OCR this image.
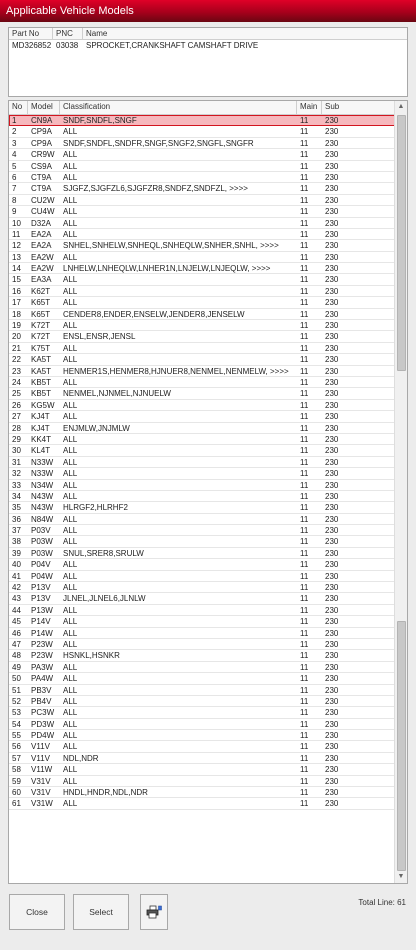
Applicable Vehicle Models
Part No	PNC	Name
MD326852 03038 SPROCKET,CRANKSHAFT CAMSHAFT DRIVE
No	Model	Classification	Main Sub
1	CN9A	SNDF,SNDFL,SNGF	11	230
2	CP9A	ALL	11	230
3	CP9A	SNDF,SNDFL,SNDFR,SNGF,SNGF2,SNGFL,SNGFR	11	230
4	CR9W	ALL	11	230
5	CS9A	ALL	11	230
6	CT9A	ALL	11	230
7	CT9A	SJGFZ,SJGFZL6,SJGFZR8,SNDFZ,SNDFZL, >>>>	11	230
8	CU2W	ALL	11	230
9	CU4W	ALL	11	230
10	D32A	ALL	11	230
11	EA2A	ALL	11	230
12	EA2A	SNHEL,SNHELW,SNHEQL,SNHEQLW,SNHER,SNHL, >>>>	11	230
13	EA2W	ALL	11	230
14	EA2W	LNHELW,LNHEQLW,LNHER1N,LNJELW,LNJEQLW, >>>>	11	230
15	EA3A	ALL	11	230
16	K62T	ALL	11	230
17	K65T	ALL	11	230
18	K65T	CENDER8,ENDER,ENSELW,JENDER8,JENSELW	11	230
19	K72T	ALL	11	230
20	K72T	ENSL,ENSR,JENSL	11	230
21	K75T	ALL	11	230
22	KA5T	ALL	11	230
23	KA5T	HENMER1S,HENMER8,HJNUER8,NENMEL,NENMELW, >>>>	11	230
24	KB5T	ALL	11	230
25	KB5T	NENMEL,NJNMEL,NJNUELW	11	230
26	KG5W	ALL	11	230
27	KJ4T	ALL	11	230
28	KJ4T	ENJMLW,JNJMLW	11	230
29	KK4T	ALL	11	230
30	KL4T	ALL	11	230
31	N33W	ALL	11	230
32	N33W	ALL	11	230
33	N34W	ALL	11	230
34	N43W	ALL	11	230
35	N43W	HLRGF2,HLRHF2	11	230
36	N84W	ALL	11	230
37	P03V	ALL	11	230
38	P03W	ALL	11	230
39	P03W	SNUL,SRER8,SRULW	11	230
40	P04V	ALL	11	230
41	P04W	ALL	11	230
42	P13V	ALL	11	230
43	P13V	JLNEL,JLNEL6,JLNLW	11	230
44	P13W	ALL	11	230
45	P14V	ALL	11	230
46	P14W	ALL	11	230
47	P23W	ALL	11	230
48	P23W	HSNKL,HSNKR	11	230
49	PA3W	ALL	11	230
50	PA4W	ALL	11	230
51	PB3V	ALL	11	230
52	PB4V	ALL	11	230
53	PC3W	ALL	11	230
54	PD3W	ALL	11	230
55	PD4W	ALL	11	230
56	V11V	ALL	11	230
57	V11V	NDL,NDR	11	230
58	V11W	ALL	11	230
59	V31V	ALL	11	230
60	V31V	HNDL,HNDR,NDL,NDR	11	230
61	V31W	ALL	11	230
▲
▼
Close	Select
Total Line: 61
